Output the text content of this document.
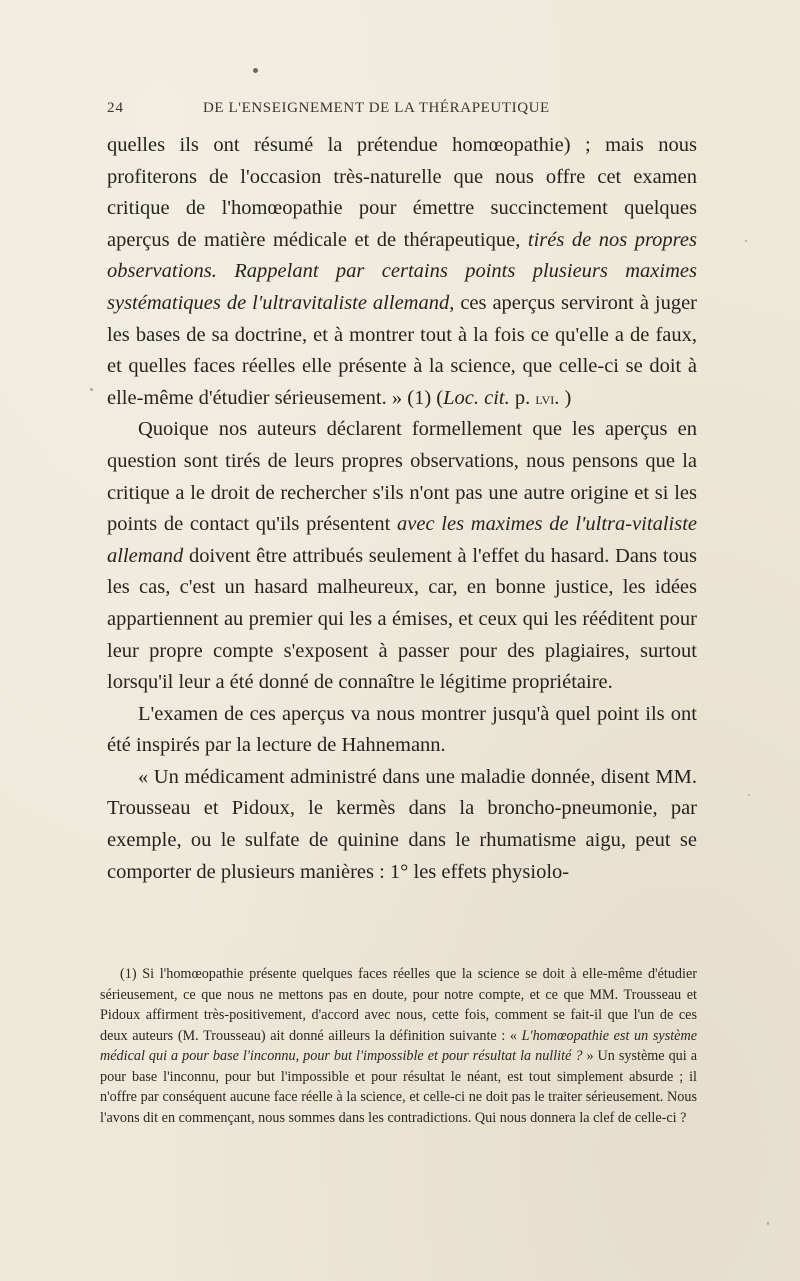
24	DE L'ENSEIGNEMENT DE LA THÉRAPEUTIQUE

quelles ils ont résumé la prétendue homœopathie) ; mais nous profiterons de l'occasion très-naturelle que nous offre cet examen critique de l'homœopathie pour émettre succinctement quelques aperçus de matière médicale et de thérapeutique, tirés de nos propres observations. Rappelant par certains points plusieurs maximes systématiques de l'ultravitaliste allemand, ces aperçus serviront à juger les bases de sa doctrine, et à montrer tout à la fois ce qu'elle a de faux, et quelles faces réelles elle présente à la science, que celle-ci se doit à elle-même d'étudier sérieusement. » (1) (Loc. cit. p. lvi. )

Quoique nos auteurs déclarent formellement que les aperçus en question sont tirés de leurs propres observations, nous pensons que la critique a le droit de rechercher s'ils n'ont pas une autre origine et si les points de contact qu'ils présentent avec les maximes de l'ultra-vitaliste allemand doivent être attribués seulement à l'effet du hasard. Dans tous les cas, c'est un hasard malheureux, car, en bonne justice, les idées appartiennent au premier qui les a émises, et ceux qui les rééditent pour leur propre compte s'exposent à passer pour des plagiaires, surtout lorsqu'il leur a été donné de connaître le légitime propriétaire.

L'examen de ces aperçus va nous montrer jusqu'à quel point ils ont été inspirés par la lecture de Hahnemann.

« Un médicament administré dans une maladie donnée, disent MM. Trousseau et Pidoux, le kermès dans la broncho-pneumonie, par exemple, ou le sulfate de quinine dans le rhumatisme aigu, peut se comporter de plusieurs manières : 1° les effets physiolo-

(1) Si l'homœopathie présente quelques faces réelles que la science se doit à elle-même d'étudier sérieusement, ce que nous ne mettons pas en doute, pour notre compte, et ce que MM. Trousseau et Pidoux affirment très-positivement, d'accord avec nous, cette fois, comment se fait-il que l'un de ces deux auteurs (M. Trousseau) ait donné ailleurs la définition suivante : « L'homœopathie est un système médical qui a pour base l'inconnu, pour but l'impossible et pour résultat la nullité ? » Un système qui a pour base l'inconnu, pour but l'impossible et pour résultat le néant, est tout simplement absurde ; il n'offre par conséquent aucune face réelle à la science, et celle-ci ne doit pas le traiter sérieusement. Nous l'avons dit en commençant, nous sommes dans les contradictions. Qui nous donnera la clef de celle-ci ?
